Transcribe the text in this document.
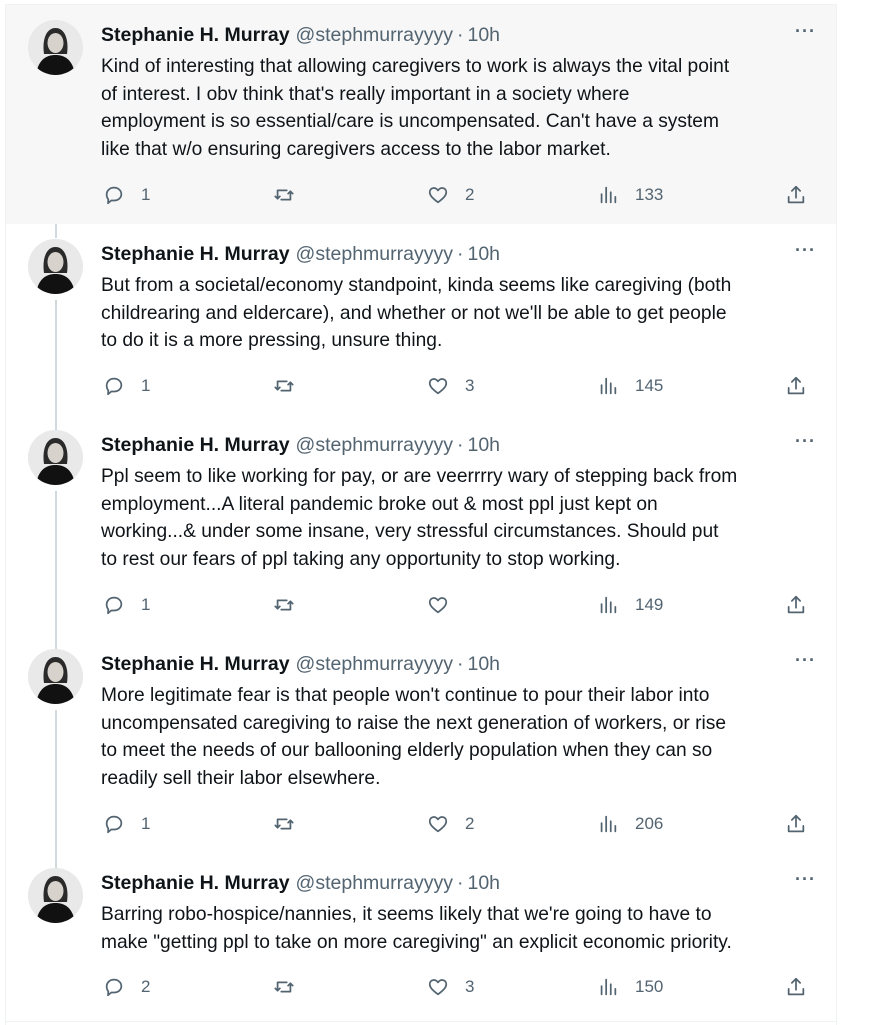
Stephanie H. Murray @stephmurrayyyy · 10h	···
Kind of interesting that allowing caregivers to work is always the vital point
of interest. I obv think that's really important in a society where
employment is so essential/care is uncompensated. Can't have a system
like that w/o ensuring caregivers access to the labor market.
1	2	133
Stephanie H. Murray @stephmurrayyyy · 10h	···
But from a societal/economy standpoint, kinda seems like caregiving (both
childrearing and eldercare), and whether or not we'll be able to get people
to do it is a more pressing, unsure thing.
1	3	145
Stephanie H. Murray @stephmurrayyyy · 10h	···
Ppl seem to like working for pay, or are veerrrry wary of stepping back from
employment...A literal pandemic broke out & most ppl just kept on
working...& under some insane, very stressful circumstances. Should put
to rest our fears of ppl taking any opportunity to stop working.
1	149
Stephanie H. Murray @stephmurrayyyy · 10h	···
More legitimate fear is that people won't continue to pour their labor into
uncompensated caregiving to raise the next generation of workers, or rise
to meet the needs of our ballooning elderly population when they can so
readily sell their labor elsewhere.
1	2	206
Stephanie H. Murray @stephmurrayyyy · 10h	···
Barring robo-hospice/nannies, it seems likely that we're going to have to
make "getting ppl to take on more caregiving" an explicit economic priority.
2	3	150
